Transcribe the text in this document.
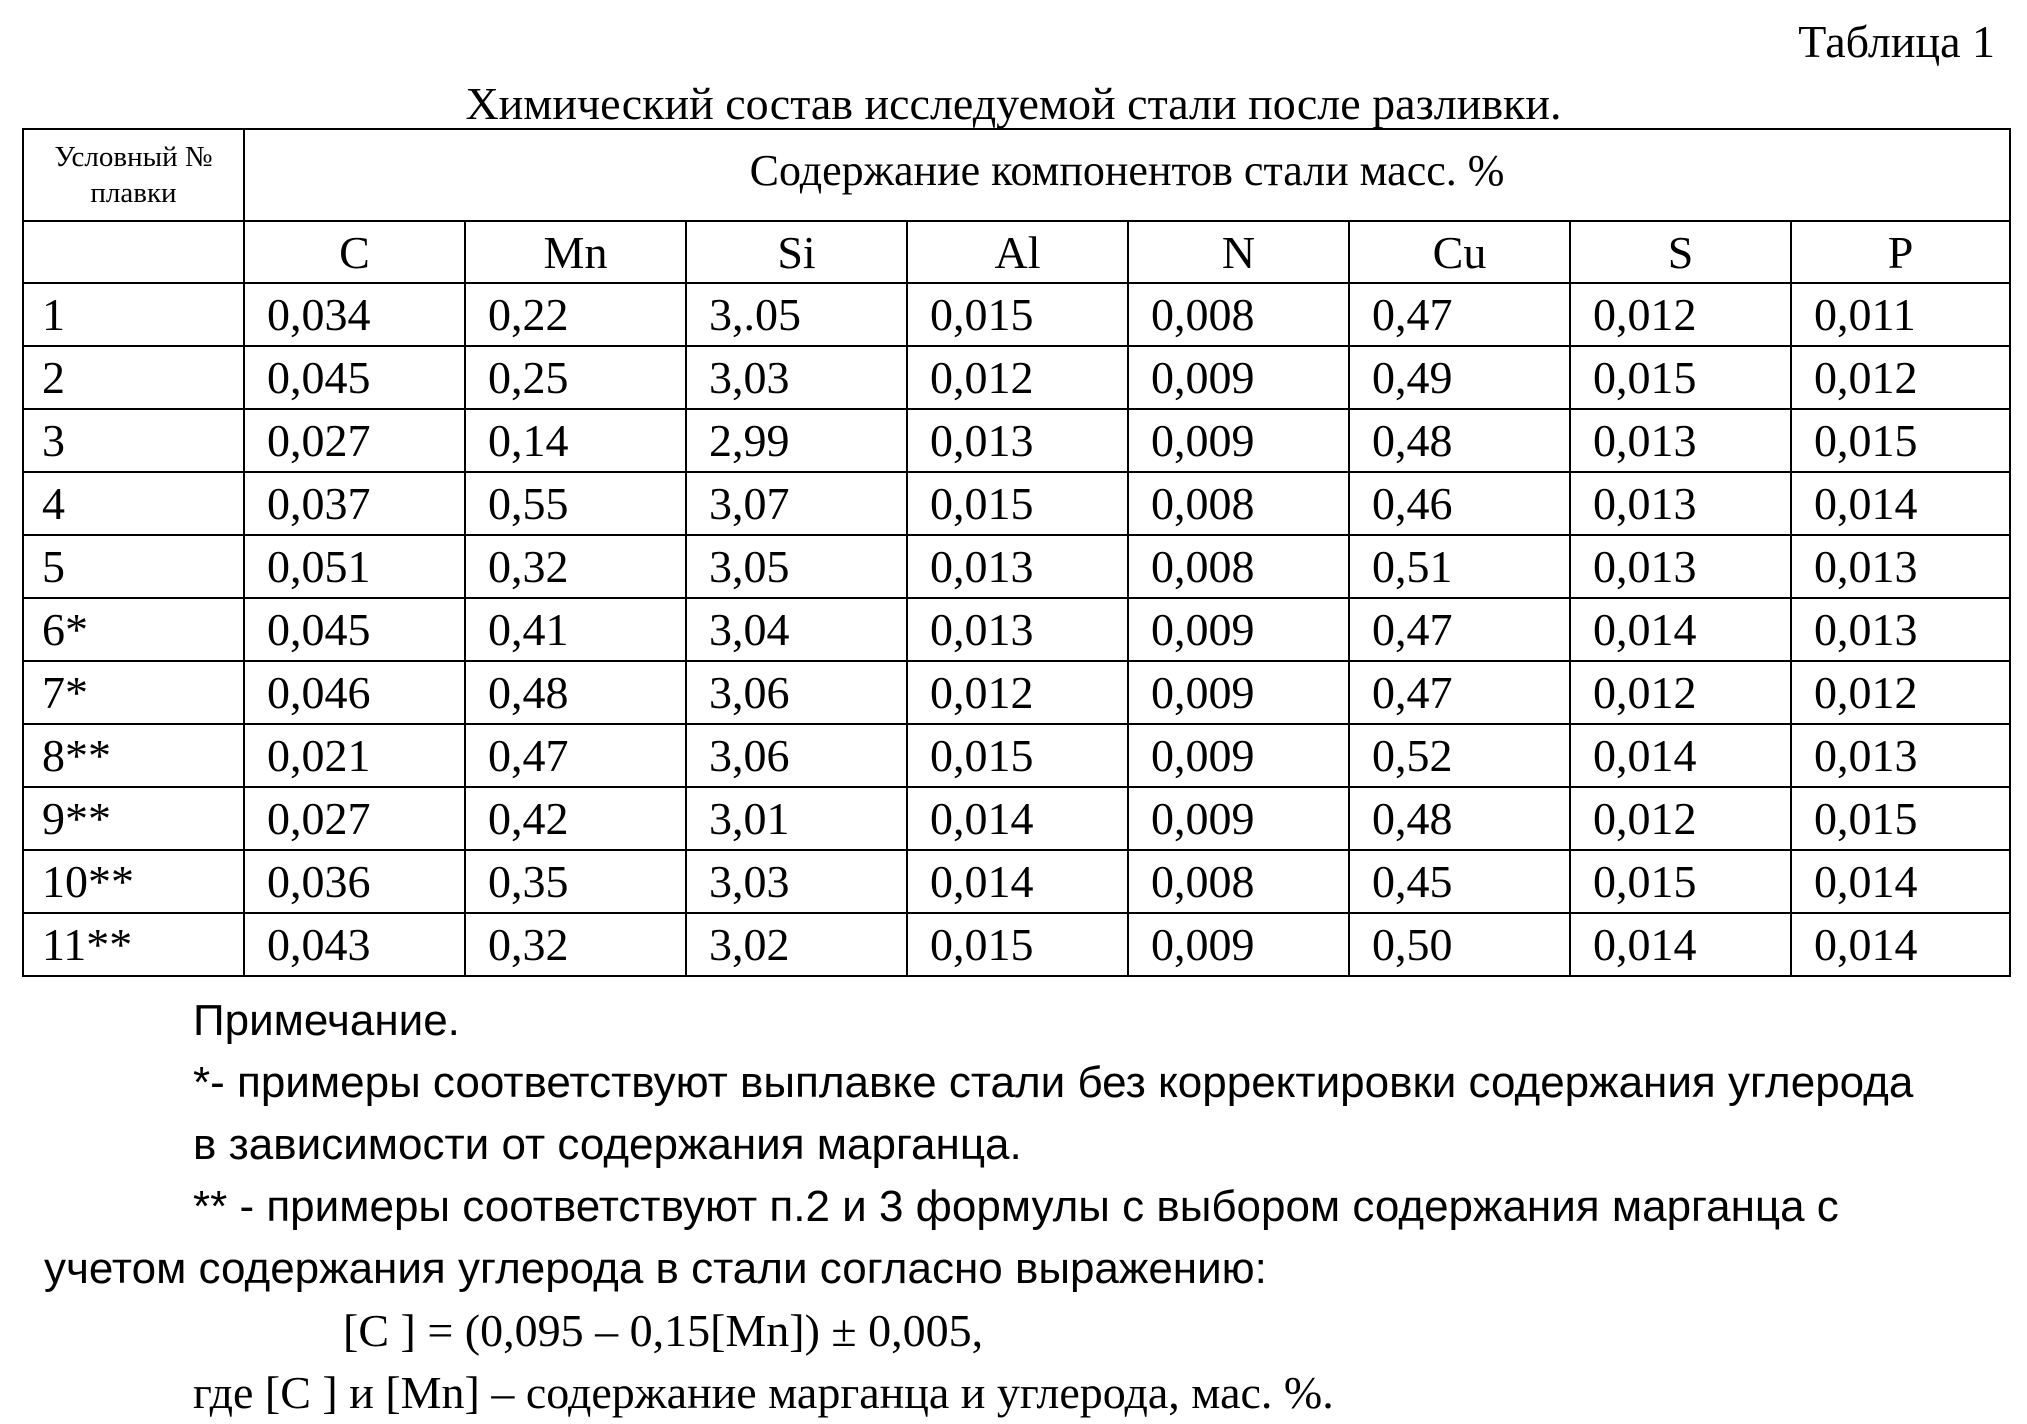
Таблица 1
Химический состав исследуемой стали после разливки.
Условный № плавки	Содержание компонентов стали масс. %							
	C	Mn	Si	Al	N	Cu	S	P
1	0,034	0,22	3,.05	0,015	0,008	0,47	0,012	0,011
2	0,045	0,25	3,03	0,012	0,009	0,49	0,015	0,012
3	0,027	0,14	2,99	0,013	0,009	0,48	0,013	0,015
4	0,037	0,55	3,07	0,015	0,008	0,46	0,013	0,014
5	0,051	0,32	3,05	0,013	0,008	0,51	0,013	0,013
6*	0,045	0,41	3,04	0,013	0,009	0,47	0,014	0,013
7*	0,046	0,48	3,06	0,012	0,009	0,47	0,012	0,012
8**	0,021	0,47	3,06	0,015	0,009	0,52	0,014	0,013
9**	0,027	0,42	3,01	0,014	0,009	0,48	0,012	0,015
10**	0,036	0,35	3,03	0,014	0,008	0,45	0,015	0,014
11**	0,043	0,32	3,02	0,015	0,009	0,50	0,014	0,014
Примечание.
*- примеры соответствуют выплавке стали без корректировки содержания углерода
в зависимости от содержания марганца.
** - примеры соответствуют п.2 и 3 формулы с выбором содержания марганца с
учетом содержания углерода в стали согласно выражению:
[C ] = (0,095 – 0,15[Mn]) ± 0,005,
где [C ] и [Mn] – содержание марганца и углерода, мас. %.
